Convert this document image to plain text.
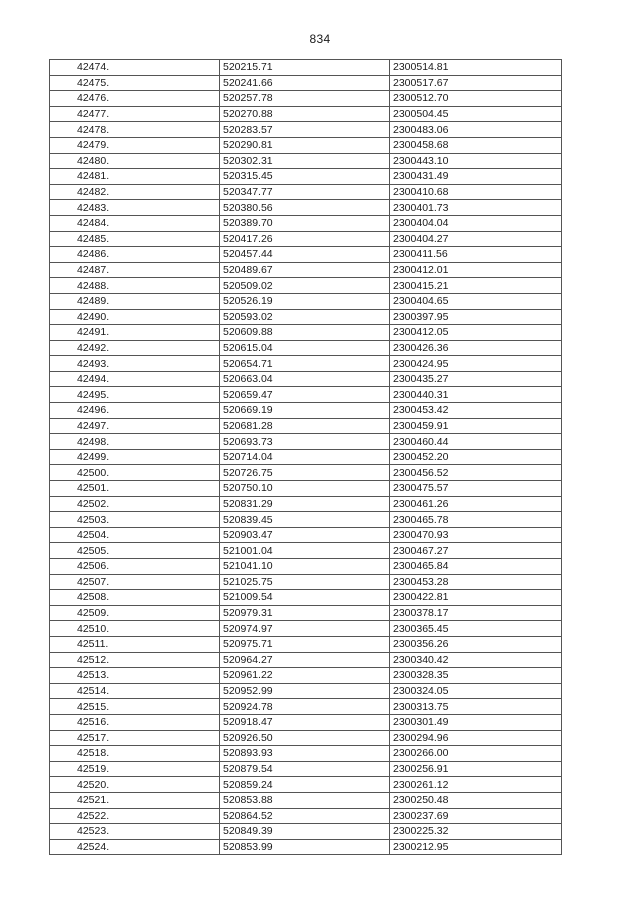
834
42474.	520215.71	2300514.81
42475.	520241.66	2300517.67
42476.	520257.78	2300512.70
42477.	520270.88	2300504.45
42478.	520283.57	2300483.06
42479.	520290.81	2300458.68
42480.	520302.31	2300443.10
42481.	520315.45	2300431.49
42482.	520347.77	2300410.68
42483.	520380.56	2300401.73
42484.	520389.70	2300404.04
42485.	520417.26	2300404.27
42486.	520457.44	2300411.56
42487.	520489.67	2300412.01
42488.	520509.02	2300415.21
42489.	520526.19	2300404.65
42490.	520593.02	2300397.95
42491.	520609.88	2300412.05
42492.	520615.04	2300426.36
42493.	520654.71	2300424.95
42494.	520663.04	2300435.27
42495.	520659.47	2300440.31
42496.	520669.19	2300453.42
42497.	520681.28	2300459.91
42498.	520693.73	2300460.44
42499.	520714.04	2300452.20
42500.	520726.75	2300456.52
42501.	520750.10	2300475.57
42502.	520831.29	2300461.26
42503.	520839.45	2300465.78
42504.	520903.47	2300470.93
42505.	521001.04	2300467.27
42506.	521041.10	2300465.84
42507.	521025.75	2300453.28
42508.	521009.54	2300422.81
42509.	520979.31	2300378.17
42510.	520974.97	2300365.45
42511.	520975.71	2300356.26
42512.	520964.27	2300340.42
42513.	520961.22	2300328.35
42514.	520952.99	2300324.05
42515.	520924.78	2300313.75
42516.	520918.47	2300301.49
42517.	520926.50	2300294.96
42518.	520893.93	2300266.00
42519.	520879.54	2300256.91
42520.	520859.24	2300261.12
42521.	520853.88	2300250.48
42522.	520864.52	2300237.69
42523.	520849.39	2300225.32
42524.	520853.99	2300212.95
